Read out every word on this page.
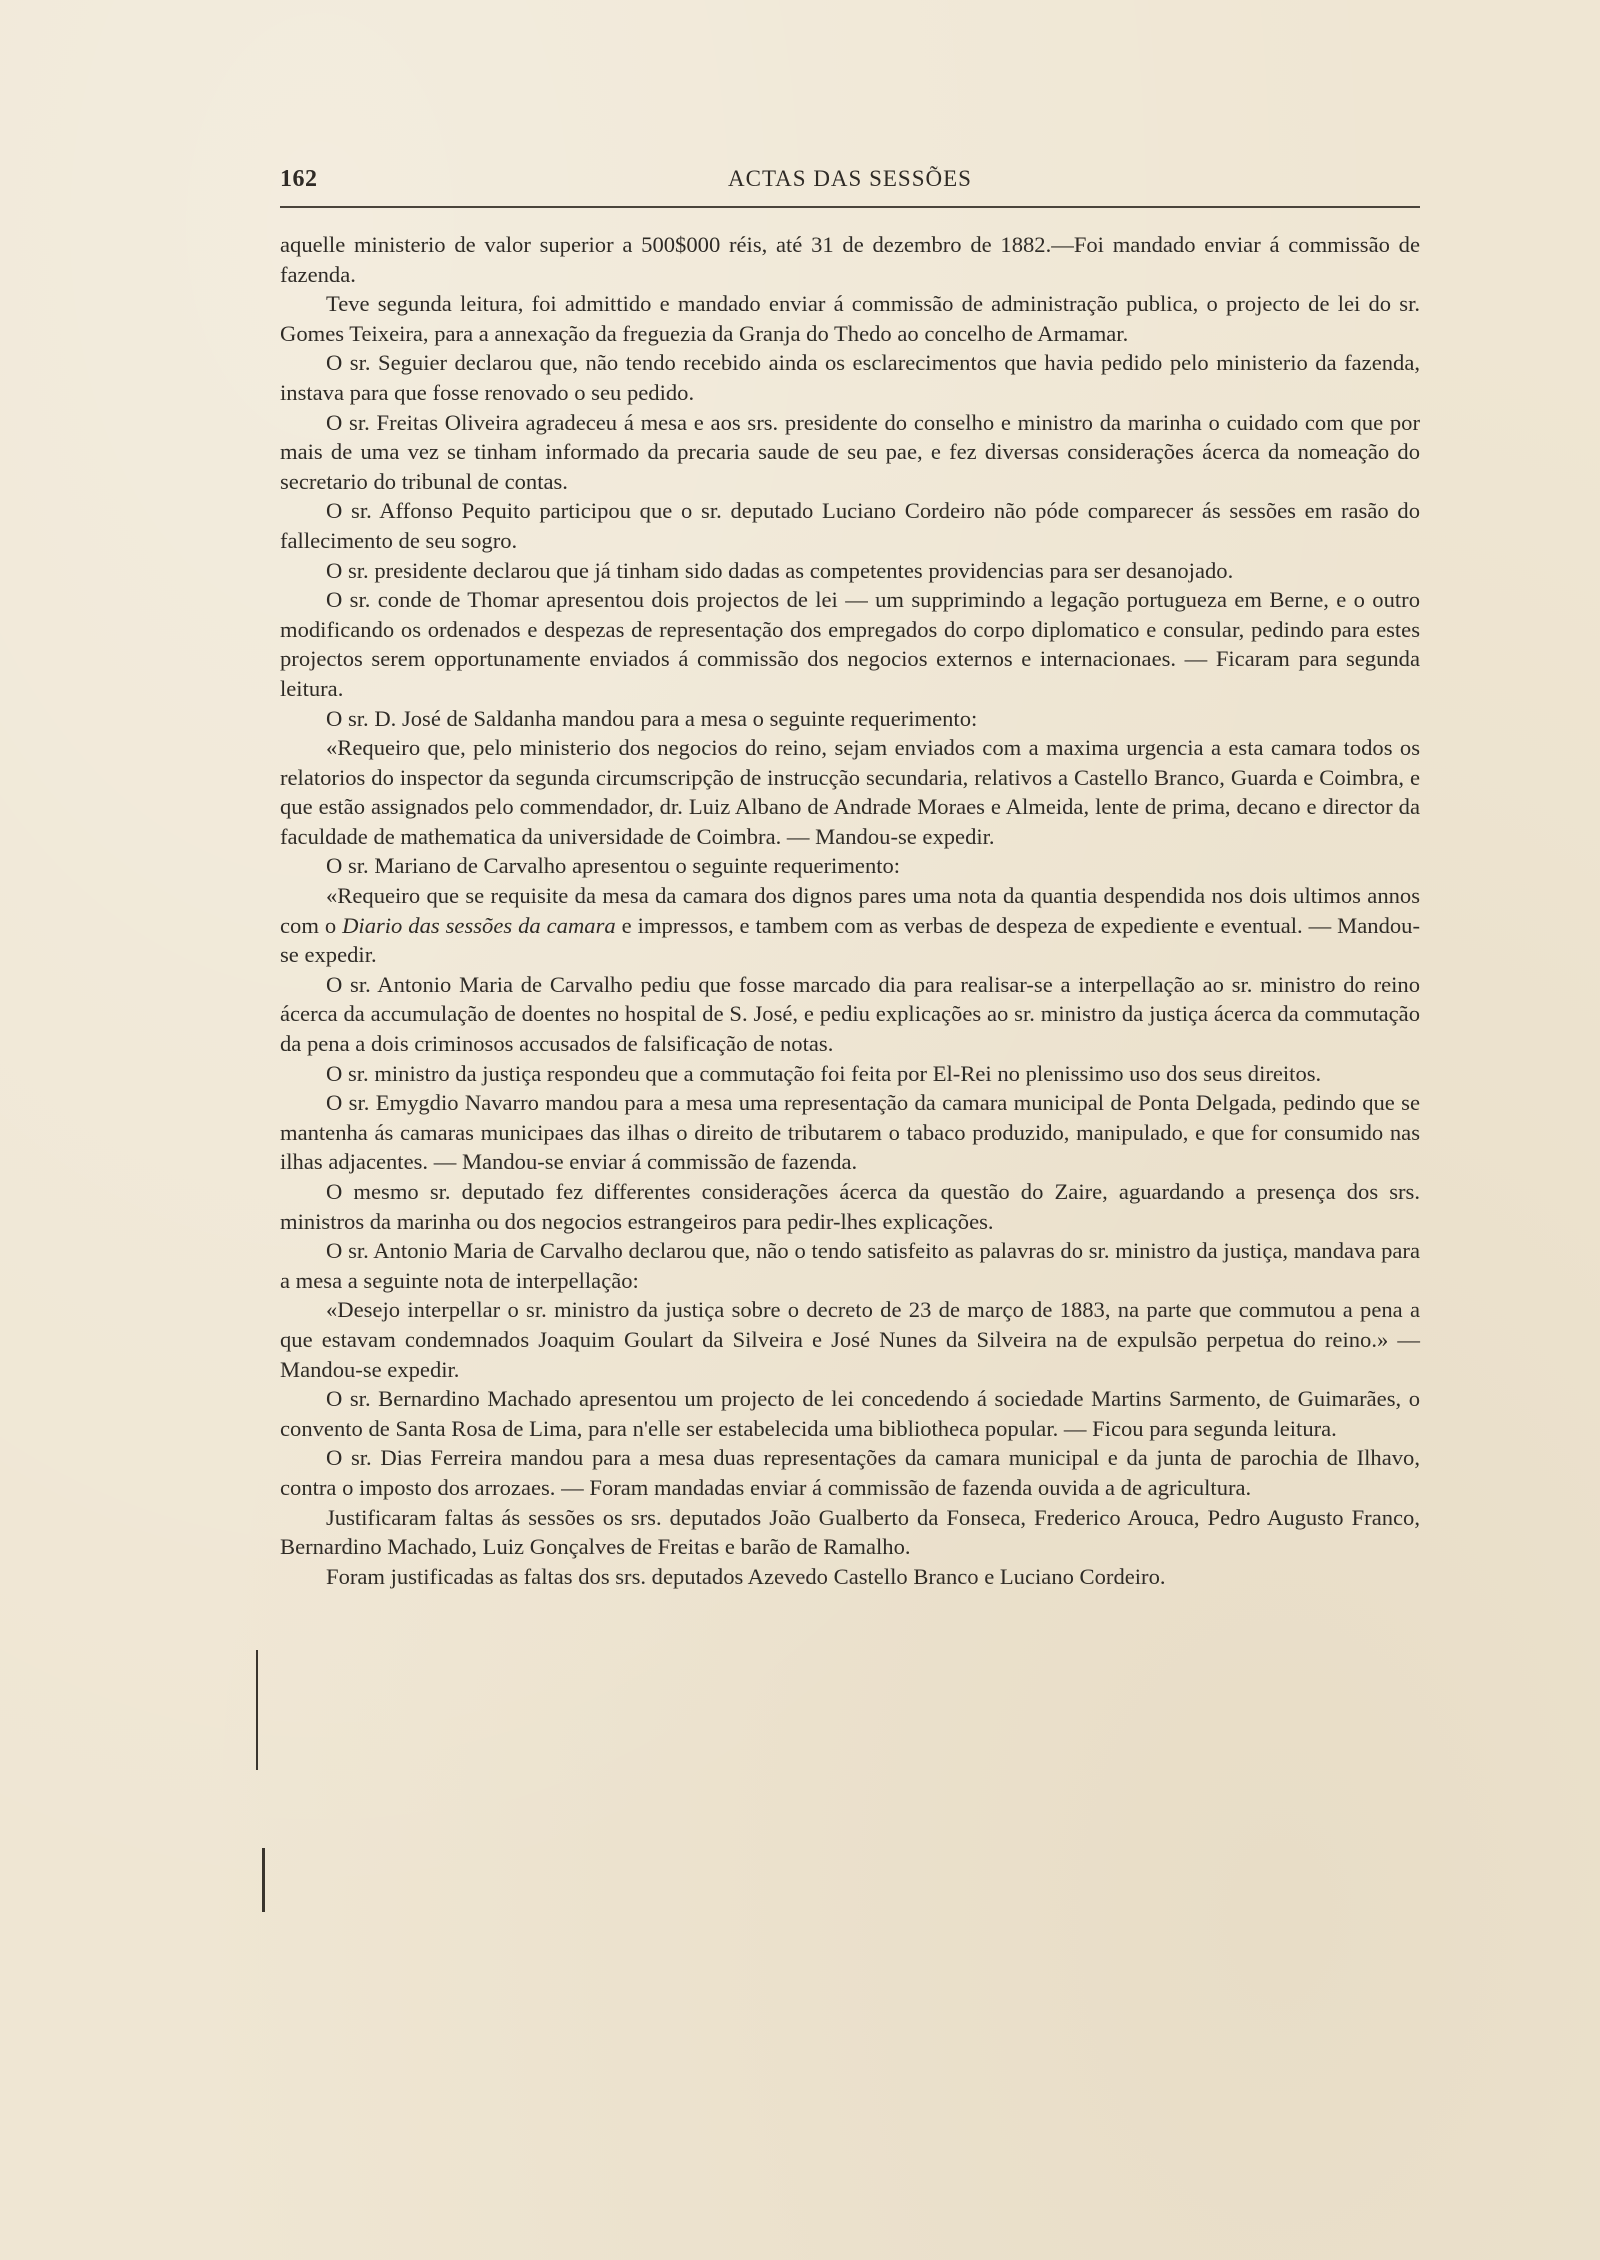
162	ACTAS DAS SESSÕES

aquelle ministerio de valor superior a 500$000 réis, até 31 de dezembro de 1882.—Foi mandado enviar á commissão de fazenda.

Teve segunda leitura, foi admittido e mandado enviar á commissão de administração publica, o projecto de lei do sr. Gomes Teixeira, para a annexação da freguezia da Granja do Thedo ao concelho de Armamar.

O sr. Seguier declarou que, não tendo recebido ainda os esclarecimentos que havia pedido pelo ministerio da fazenda, instava para que fosse renovado o seu pedido.

O sr. Freitas Oliveira agradeceu á mesa e aos srs. presidente do conselho e ministro da marinha o cuidado com que por mais de uma vez se tinham informado da precaria saude de seu pae, e fez diversas considerações ácerca da nomeação do secretario do tribunal de contas.

O sr. Affonso Pequito participou que o sr. deputado Luciano Cordeiro não póde comparecer ás sessões em rasão do fallecimento de seu sogro.

O sr. presidente declarou que já tinham sido dadas as competentes providencias para ser desanojado.

O sr. conde de Thomar apresentou dois projectos de lei — um supprimindo a legação portugueza em Berne, e o outro modificando os ordenados e despezas de representação dos empregados do corpo diplomatico e consular, pedindo para estes projectos serem opportunamente enviados á commissão dos negocios externos e internacionaes. — Ficaram para segunda leitura.

O sr. D. José de Saldanha mandou para a mesa o seguinte requerimento:

«Requeiro que, pelo ministerio dos negocios do reino, sejam enviados com a maxima urgencia a esta camara todos os relatorios do inspector da segunda circumscripção de instrucção secundaria, relativos a Castello Branco, Guarda e Coimbra, e que estão assignados pelo commendador, dr. Luiz Albano de Andrade Moraes e Almeida, lente de prima, decano e director da faculdade de mathematica da universidade de Coimbra. — Mandou-se expedir.

O sr. Mariano de Carvalho apresentou o seguinte requerimento:

«Requeiro que se requisite da mesa da camara dos dignos pares uma nota da quantia despendida nos dois ultimos annos com o Diario das sessões da camara e impressos, e tambem com as verbas de despeza de expediente e eventual. — Mandou-se expedir.

O sr. Antonio Maria de Carvalho pediu que fosse marcado dia para realisar-se a interpellação ao sr. ministro do reino ácerca da accumulação de doentes no hospital de S. José, e pediu explicações ao sr. ministro da justiça ácerca da commutação da pena a dois criminosos accusados de falsificação de notas.

O sr. ministro da justiça respondeu que a commutação foi feita por El-Rei no plenissimo uso dos seus direitos.

O sr. Emygdio Navarro mandou para a mesa uma representação da camara municipal de Ponta Delgada, pedindo que se mantenha ás camaras municipaes das ilhas o direito de tributarem o tabaco produzido, manipulado, e que for consumido nas ilhas adjacentes. — Mandou-se enviar á commissão de fazenda.

O mesmo sr. deputado fez differentes considerações ácerca da questão do Zaire, aguardando a presença dos srs. ministros da marinha ou dos negocios estrangeiros para pedir-lhes explicações.

O sr. Antonio Maria de Carvalho declarou que, não o tendo satisfeito as palavras do sr. ministro da justiça, mandava para a mesa a seguinte nota de interpellação:

«Desejo interpellar o sr. ministro da justiça sobre o decreto de 23 de março de 1883, na parte que commutou a pena a que estavam condemnados Joaquim Goulart da Silveira e José Nunes da Silveira na de expulsão perpetua do reino.» — Mandou-se expedir.

O sr. Bernardino Machado apresentou um projecto de lei concedendo á sociedade Martins Sarmento, de Guimarães, o convento de Santa Rosa de Lima, para n'elle ser estabelecida uma bibliotheca popular. — Ficou para segunda leitura.

O sr. Dias Ferreira mandou para a mesa duas representações da camara municipal e da junta de parochia de Ilhavo, contra o imposto dos arrozaes. — Foram mandadas enviar á commissão de fazenda ouvida a de agricultura.

Justificaram faltas ás sessões os srs. deputados João Gualberto da Fonseca, Frederico Arouca, Pedro Augusto Franco, Bernardino Machado, Luiz Gonçalves de Freitas e barão de Ramalho.

Foram justificadas as faltas dos srs. deputados Azevedo Castello Branco e Luciano Cordeiro.
